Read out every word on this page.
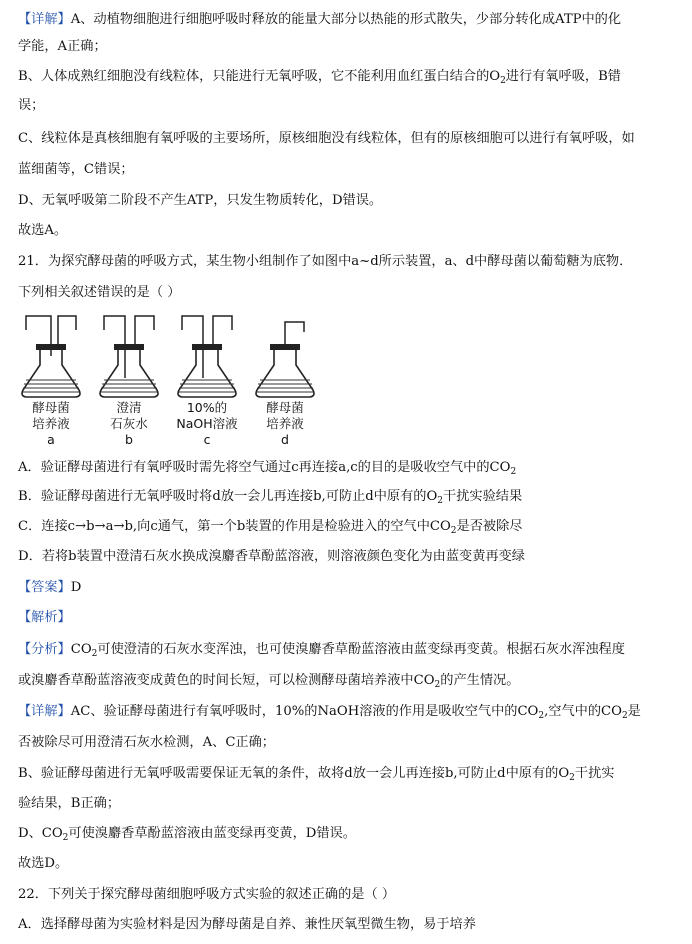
【详解】A、动植物细胞进行细胞呼吸时释放的能量大部分以热能的形式散失，少部分转化成ATP中的化
学能，A正确；
B、人体成熟红细胞没有线粒体，只能进行无氧呼吸，它不能利用血红蛋白结合的$O_2$进行有氧呼吸，B错
误；
C、线粒体是真核细胞有氧呼吸的主要场所，原核细胞没有线粒体，但有的原核细胞可以进行有氧呼吸，如
蓝细菌等，C错误；
D、无氧呼吸第二阶段不产生ATP，只发生物质转化，D错误。
故选A。
21．为探究酵母菌的呼吸方式，某生物小组制作了如图中a~d所示装置，a、d中酵母菌以葡萄糖为底物．
下列相关叙述错误的是（ ）
酵母菌
培养液
a
澄清
石灰水
b
10%的
NaOH溶液
c
酵母菌
培养液
d
A．验证酵母菌进行有氧呼吸时需先将空气通过c再连接a,c的目的是吸收空气中的$CO_2$
B．验证酵母菌进行无氧呼吸时将d放一会儿再连接b,可防止d中原有的$O_2$干扰实验结果
C．连接c→b→a→b,向c通气，第一个b装置的作用是检验进入的空气中$CO_2$是否被除尽
D．若将b装置中澄清石灰水换成溴麝香草酚蓝溶液，则溶液颜色变化为由蓝变黄再变绿
【答案】D
【解析】
【分析】$CO_2$可使澄清的石灰水变浑浊，也可使溴麝香草酚蓝溶液由蓝变绿再变黄。根据石灰水浑浊程度
或溴麝香草酚蓝溶液变成黄色的时间长短，可以检测酵母菌培养液中$CO_2$的产生情况。
【详解】AC、验证酵母菌进行有氧呼吸时，10%的NaOH溶液的作用是吸收空气中的$CO_2$,空气中的$CO_2$是
否被除尽可用澄清石灰水检测，A、C正确；
B、验证酵母菌进行无氧呼吸需要保证无氧的条件，故将d放一会儿再连接b,可防止d中原有的$O_2$干扰实
验结果，B正确；
D、$CO_2$可使溴麝香草酚蓝溶液由蓝变绿再变黄，D错误。
故选D。
22．下列关于探究酵母菌细胞呼吸方式实验的叙述正确的是（ ）
A．选择酵母菌为实验材料是因为酵母菌是自养、兼性厌氧型微生物，易于培养
